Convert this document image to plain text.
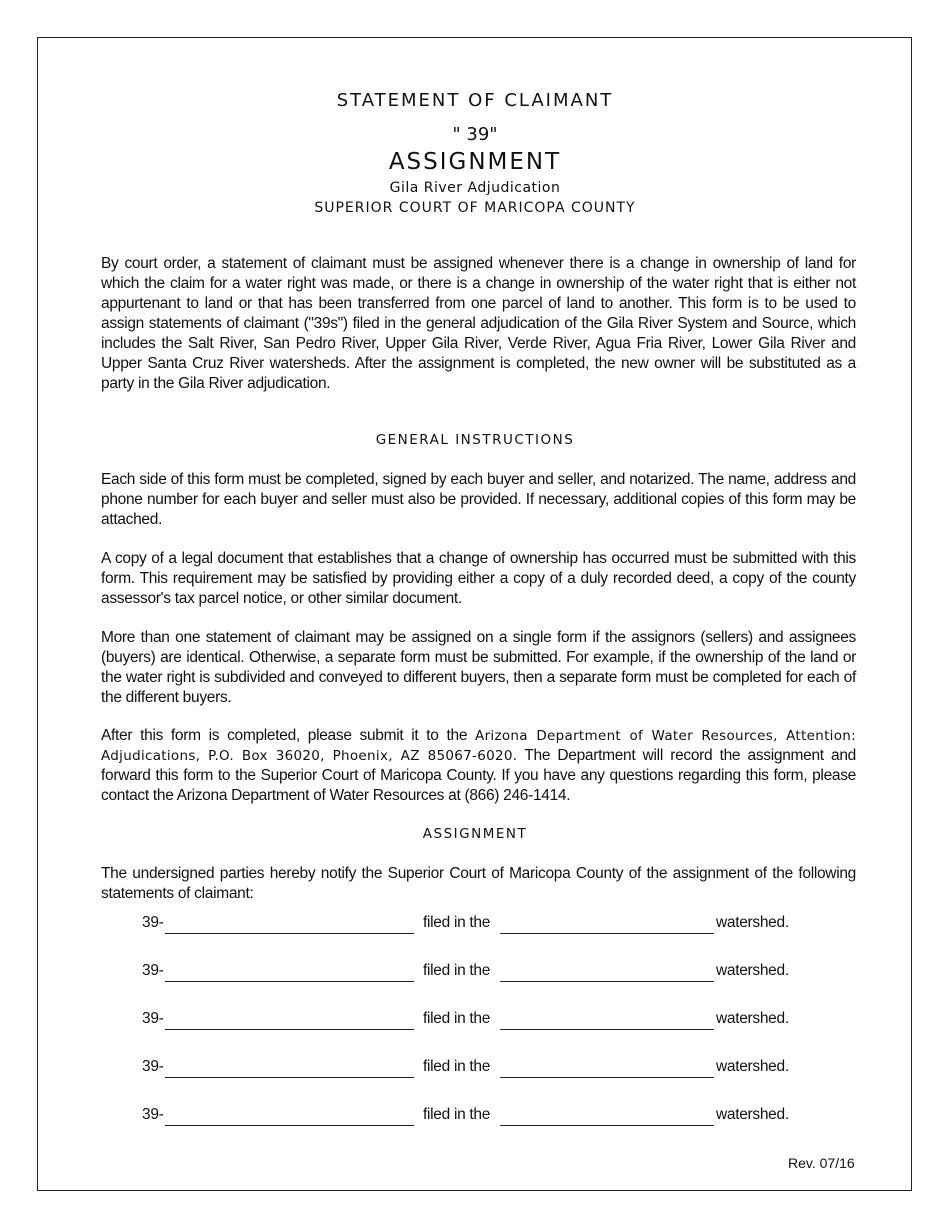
STATEMENT OF CLAIMANT
" 39"
ASSIGNMENT
Gila River Adjudication
SUPERIOR COURT OF MARICOPA COUNTY

By court order, a statement of claimant must be assigned whenever there is a change in ownership of land for which the claim for a water right was made, or there is a change in ownership of the water right that is either not appurtenant to land or that has been transferred from one parcel of land to another. This form is to be used to assign statements of claimant ("39s") filed in the general adjudication of the Gila River System and Source, which includes the Salt River, San Pedro River, Upper Gila River, Verde River, Agua Fria River, Lower Gila River and Upper Santa Cruz River watersheds. After the assignment is completed, the new owner will be substituted as a party in the Gila River adjudication.

GENERAL INSTRUCTIONS

Each side of this form must be completed, signed by each buyer and seller, and notarized. The name, address and phone number for each buyer and seller must also be provided. If necessary, additional copies of this form may be attached.

A copy of a legal document that establishes that a change of ownership has occurred must be submitted with this form. This requirement may be satisfied by providing either a copy of a duly recorded deed, a copy of the county assessor's tax parcel notice, or other similar document.

More than one statement of claimant may be assigned on a single form if the assignors (sellers) and assignees (buyers) are identical. Otherwise, a separate form must be submitted. For example, if the ownership of the land or the water right is subdivided and conveyed to different buyers, then a separate form must be completed for each of the different buyers.

After this form is completed, please submit it to the Arizona Department of Water Resources, Attention: Adjudications, P.O. Box 36020, Phoenix, AZ 85067-6020. The Department will record the assignment and forward this form to the Superior Court of Maricopa County. If you have any questions regarding this form, please contact the Arizona Department of Water Resources at (866) 246-1414.

ASSIGNMENT

The undersigned parties hereby notify the Superior Court of Maricopa County of the assignment of the following statements of claimant:

39-	filed in the	watershed.
39-	filed in the	watershed.
39-	filed in the	watershed.
39-	filed in the	watershed.
39-	filed in the	watershed.
Rev. 07/16
